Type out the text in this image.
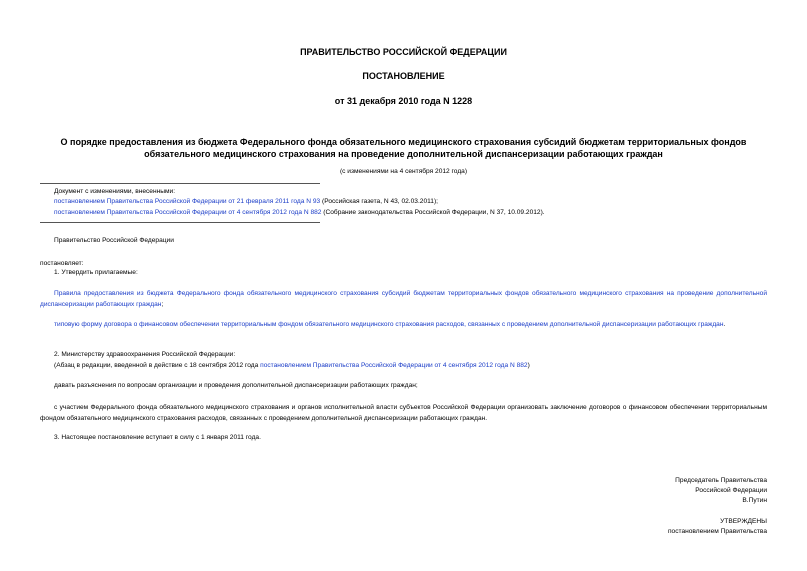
ПРАВИТЕЛЬСТВО РОССИЙСКОЙ ФЕДЕРАЦИИ
ПОСТАНОВЛЕНИЕ
от 31 декабря 2010 года N 1228
О порядке предоставления из бюджета Федерального фонда обязательного медицинского страхования субсидий бюджетам территориальных фондов обязательного медицинского страхования на проведение дополнительной диспансеризации работающих граждан
(с изменениями на 4 сентября 2012 года)
Документ с изменениями, внесенными:
постановлением Правительства Российской Федерации от 21 февраля 2011 года N 93 (Российская газета, N 43, 02.03.2011);
постановлением Правительства Российской Федерации от 4 сентября 2012 года N 882 (Собрание законодательства Российской Федерации, N 37, 10.09.2012).
Правительство Российской Федерации
постановляет:
1. Утвердить прилагаемые:
Правила предоставления из бюджета Федерального фонда обязательного медицинского страхования субсидий бюджетам территориальных фондов обязательного медицинского страхования на проведение дополнительной диспансеризации работающих граждан;
типовую форму договора о финансовом обеспечении территориальным фондом обязательного медицинского страхования расходов, связанных с проведением дополнительной диспансеризации работающих граждан.
2. Министерству здравоохранения Российской Федерации:
(Абзац в редакции, введенной в действие с 18 сентября 2012 года постановлением Правительства Российской Федерации от 4 сентября 2012 года N 882)
давать разъяснения по вопросам организации и проведения дополнительной диспансеризации работающих граждан;
с участием Федерального фонда обязательного медицинского страхования и органов исполнительной власти субъектов Российской Федерации организовать заключение договоров о финансовом обеспечении территориальным фондом обязательного медицинского страхования расходов, связанных с проведением дополнительной диспансеризации работающих граждан.
3. Настоящее постановление вступает в силу с 1 января 2011 года.
Председатель Правительства
Российской Федерации
В.Путин
УТВЕРЖДЕНЫ
постановлением Правительства
